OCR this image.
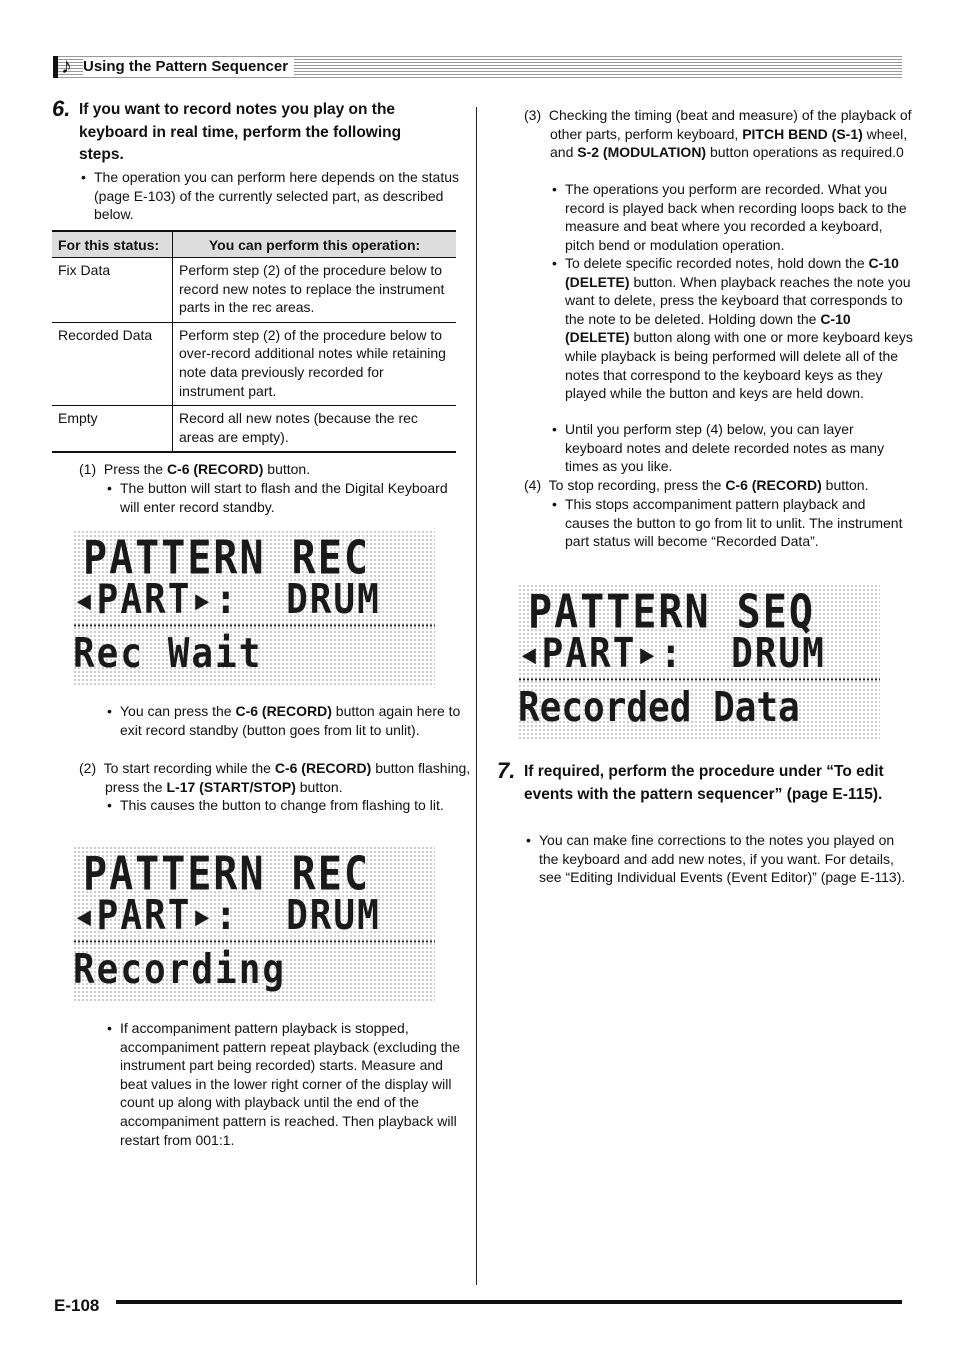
♪ Using the Pattern Sequencer
6. If you want to record notes you play on the keyboard in real time, perform the following steps.
• The operation you can perform here depends on the status (page E-103) of the currently selected part, as described below.
For this status:	You can perform this operation:
Fix Data	Perform step (2) of the procedure below to record new notes to replace the instrument parts in the rec areas.
Recorded Data	Perform step (2) of the procedure below to over-record additional notes while retaining note data previously recorded for instrument part.
Empty	Record all new notes (because the rec areas are empty).
(1) Press the C-6 (RECORD) button.
• The button will start to flash and the Digital Keyboard will enter record standby.
PATTERN REC
◂PART▸:  DRUM
Rec Wait
• You can press the C-6 (RECORD) button again here to exit record standby (button goes from lit to unlit).
(2) To start recording while the C-6 (RECORD) button flashing, press the L-17 (START/STOP) button.
• This causes the button to change from flashing to lit.
PATTERN REC
◂PART▸:  DRUM
Recording
• If accompaniment pattern playback is stopped, accompaniment pattern repeat playback (excluding the instrument part being recorded) starts. Measure and beat values in the lower right corner of the display will count up along with playback until the end of the accompaniment pattern is reached. Then playback will restart from 001:1.
(3) Checking the timing (beat and measure) of the playback of other parts, perform keyboard, PITCH BEND (S-1) wheel, and S-2 (MODULATION) button operations as required.0
• The operations you perform are recorded. What you record is played back when recording loops back to the measure and beat where you recorded a keyboard, pitch bend or modulation operation.
• To delete specific recorded notes, hold down the C-10 (DELETE) button. When playback reaches the note you want to delete, press the keyboard that corresponds to the note to be deleted. Holding down the C-10 (DELETE) button along with one or more keyboard keys while playback is being performed will delete all of the notes that correspond to the keyboard keys as they played while the button and keys are held down.
• Until you perform step (4) below, you can layer keyboard notes and delete recorded notes as many times as you like.
(4) To stop recording, press the C-6 (RECORD) button.
• This stops accompaniment pattern playback and causes the button to go from lit to unlit. The instrument part status will become “Recorded Data”.
PATTERN SEQ
◂PART▸:  DRUM
Recorded Data
7. If required, perform the procedure under “To edit events with the pattern sequencer” (page E-115).
• You can make fine corrections to the notes you played on the keyboard and add new notes, if you want. For details, see “Editing Individual Events (Event Editor)” (page E-113).
E-108
